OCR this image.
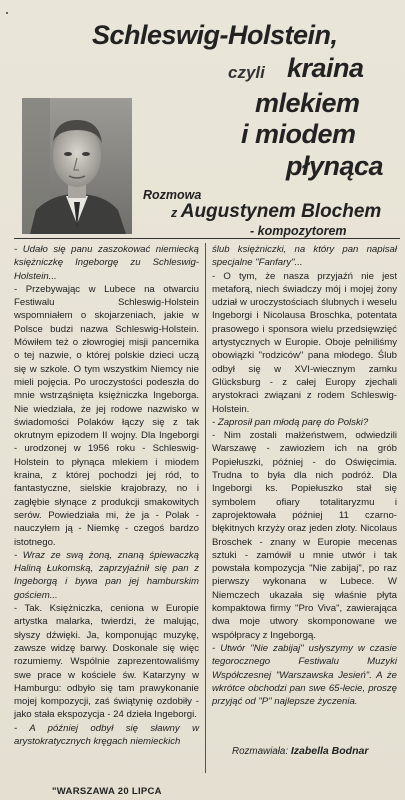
Schleswig-Holstein,
czyli kraina
mlekiem
i miodem
płynąca
Rozmowa
z Augustynem Blochem
- kompozytorem

- Udało się panu zaszokować niemiecką księżniczkę Ingeborgę zu Schleswig-Holstein...

- Przebywając w Lubece na otwarciu Festiwalu Schleswig-Holstein wspomniałem o skojarzeniach, jakie w Polsce budzi nazwa Schleswig-Holstein. Mówiłem też o złowrogiej misji pancernika o tej nazwie, o której polskie dzieci uczą się w szkole. O tym wszystkim Niemcy nie mieli pojęcia. Po uroczystości podeszła do mnie wstrząśnięta księżniczka Ingeborga. Nie wiedziała, że jej rodowe nazwisko w świadomości Polaków łączy się z tak okrutnym epizodem II wojny. Dla Ingeborgi - urodzonej w 1956 roku - Schleswig-Holstein to płynąca mlekiem i miodem kraina, z której pochodzi jej ród, to fantastyczne, sielskie krajobrazy, no i zagłębie słynące z produkcji smakowitych serów. Powiedziała mi, że ja - Polak - nauczyłem ją - Niemkę - czegoś bardzo istotnego.

- Wraz ze swą żoną, znaną śpiewaczką Haliną Łukomską, zaprzyjaźnił się pan z Ingeborgą i bywa pan jej hamburskim gościem...

- Tak. Księżniczka, ceniona w Europie artystka malarka, twierdzi, że malując, słyszy dźwięki. Ja, komponując muzykę, zawsze widzę barwy. Doskonale się więc rozumiemy. Wspólnie zaprezentowaliśmy swe prace w kościele św. Katarzyny w Hamburgu: odbyło się tam prawykonanie mojej kompozycji, zaś świątynię ozdobiły - jako stała ekspozycja - 24 dzieła Ingeborgi.

- A później odbył się sławny w arystokratycznych kręgach niemieckich

ślub księżniczki, na który pan napisał specjalne "Fanfary"...

- O tym, że nasza przyjaźń nie jest metaforą, niech świadczy mój i mojej żony udział w uroczystościach ślubnych i weselu Ingeborgi i Nicolausa Broschka, potentata prasowego i sponsora wielu przedsięwzięć artystycznych w Europie. Oboje pełniliśmy obowiązki "rodziców" pana młodego. Ślub odbył się w XVI-wiecznym zamku Glücksburg - z całej Europy zjechali arystokraci związani z rodem Schleswig-Holstein.

- Zaprosił pan młodą parę do Polski?

- Nim zostali małżeństwem, odwiedzili Warszawę - zawiozłem ich na grób Popiełuszki, później - do Oświęcimia. Trudna to była dla nich podróż. Dla Ingeborgi ks. Popiełuszko stał się symbolem ofiary totalitaryzmu i zaprojektowała później 11 czarno-błękitnych krzyży oraz jeden złoty. Nicolaus Broschek - znany w Europie mecenas sztuki - zamówił u mnie utwór i tak powstała kompozycja "Nie zabijaj", po raz pierwszy wykonana w Lubece. W Niemczech ukazała się właśnie płyta kompaktowa firmy "Pro Viva", zawierająca dwa moje utwory skomponowane we współpracy z Ingeborgą.

- Utwór "Nie zabijaj" usłyszymy w czasie tegorocznego Festiwalu Muzyki Współczesnej "Warszawska Jesień". A że wkrótce obchodzi pan swe 65-lecie, proszę przyjąć od "P" najlepsze życzenia.

Rozmawiała: Izabella Bodnar
"WARSZAWA 20 LIPCA
